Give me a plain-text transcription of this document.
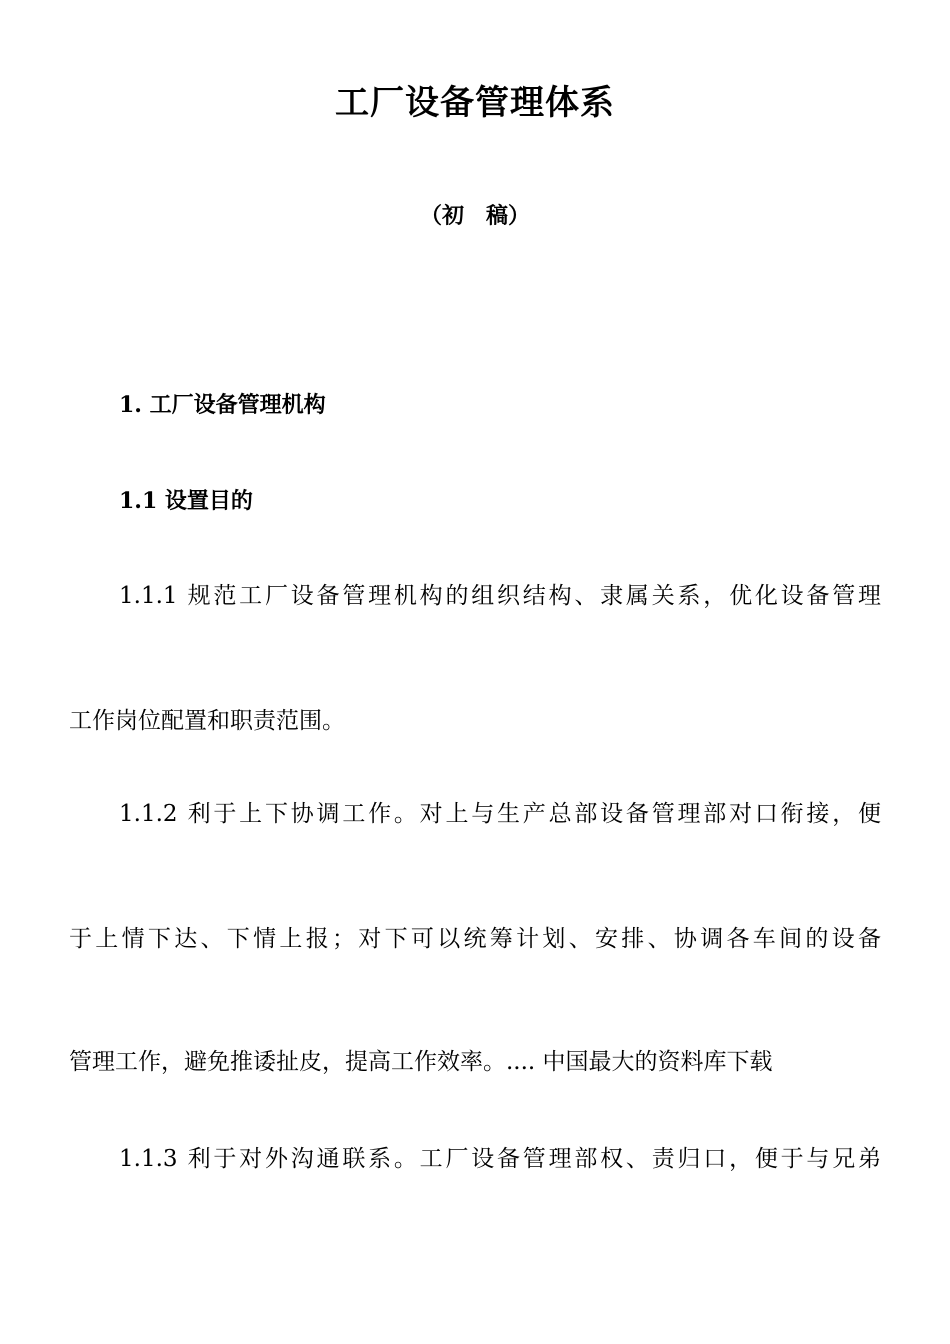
工厂设备管理体系
（初　稿）
1. 工厂设备管理机构
1.1 设置目的
1.1.1 规范工厂设备管理机构的组织结构、隶属关系，优化设备管理
工作岗位配置和职责范围。
1.1.2 利于上下协调工作。对上与生产总部设备管理部对口衔接，便
于上情下达、下情上报；对下可以统筹计划、安排、协调各车间的设备
管理工作，避免推诿扯皮，提高工作效率。.... 中国最大的资料库下载
1.1.3 利于对外沟通联系。工厂设备管理部权、责归口，便于与兄弟
